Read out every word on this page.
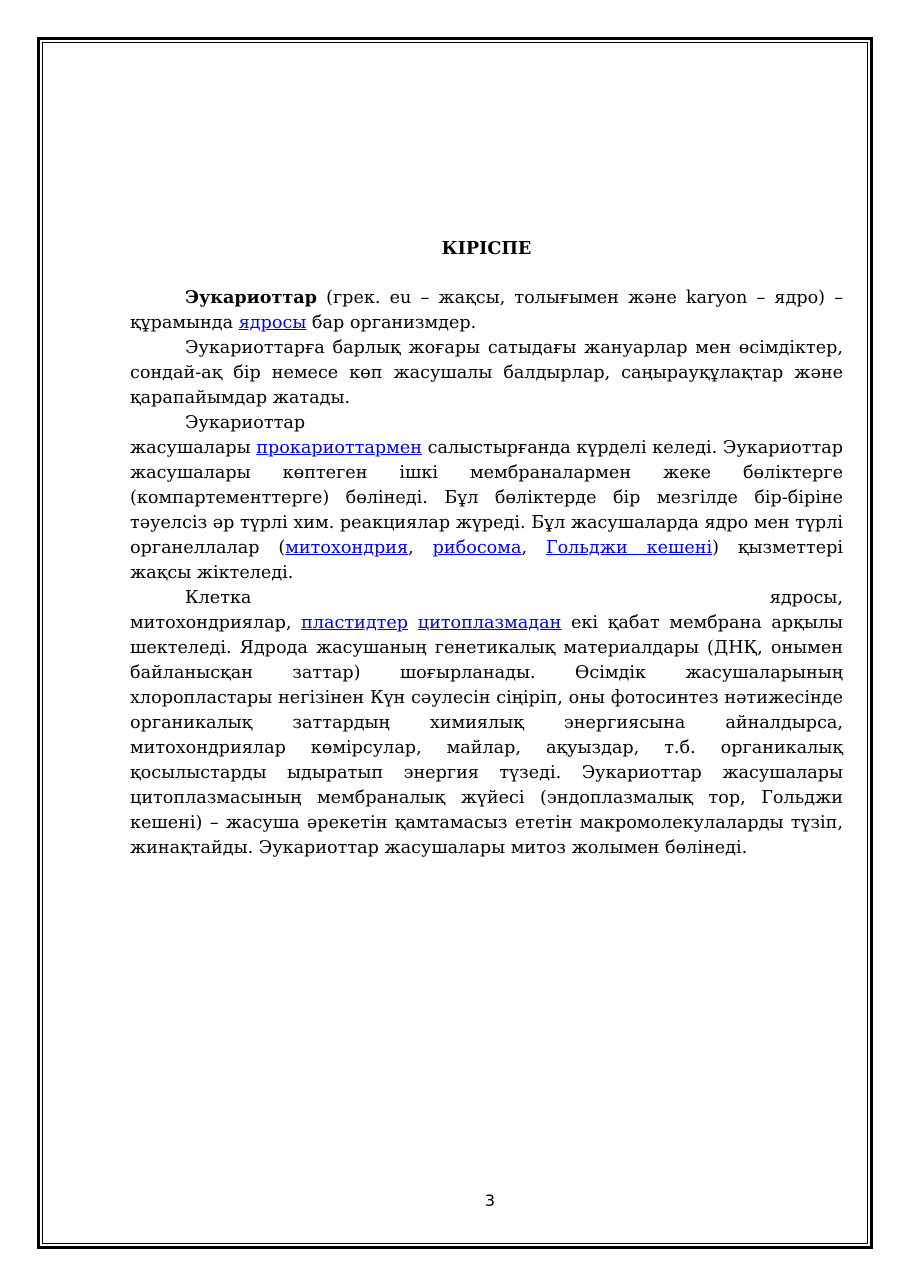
КІРІСПЕ

Эукариоттар (грек. eu – жақсы, толығымен және karyon – ядро) – құрамында ядросы бар организмдер.

Эукариоттарға барлық жоғары сатыдағы жануарлар мен өсімдіктер, сондай-ақ бір немесе көп жасушалы балдырлар, саңырауқұлақтар және қарапайымдар жатады.

Эукариоттар

жасушалары прокариоттармен салыстырғанда күрделі келеді. Эукариоттар жасушалары көптеген ішкі мембраналармен жеке бөліктерге (компартементтерге) бөлінеді. Бұл бөліктерде бір мезгілде бір-біріне тәуелсіз әр түрлі хим. реакциялар жүреді. Бұл жасушаларда ядро мен түрлі органеллалар (митохондрия, рибосома, Гольджи кешені) қызметтері жақсы жіктеледі.

Клетка ядросы,

митохондриялар, пластидтер цитоплазмадан екі қабат мембрана арқылы шектеледі. Ядрода жасушаның генетикалық материалдары (ДНҚ, онымен байланысқан заттар) шоғырланады. Өсімдік жасушаларының хлоропластары негізінен Күн сәулесін сіңіріп, оны фотосинтез нәтижесінде органикалық заттардың химиялық энергиясына айналдырса, митохондриялар көмірсулар, майлар, ақуыздар, т.б. органикалық қосылыстарды ыдыратып энергия түзеді. Эукариоттар жасушалары цитоплазмасының мембраналық жүйесі (эндоплазмалық тор, Гольджи кешені) – жасуша әрекетін қамтамасыз ететін макромолекулаларды түзіп, жинақтайды. Эукариоттар жасушалары митоз жолымен бөлінеді.

3
